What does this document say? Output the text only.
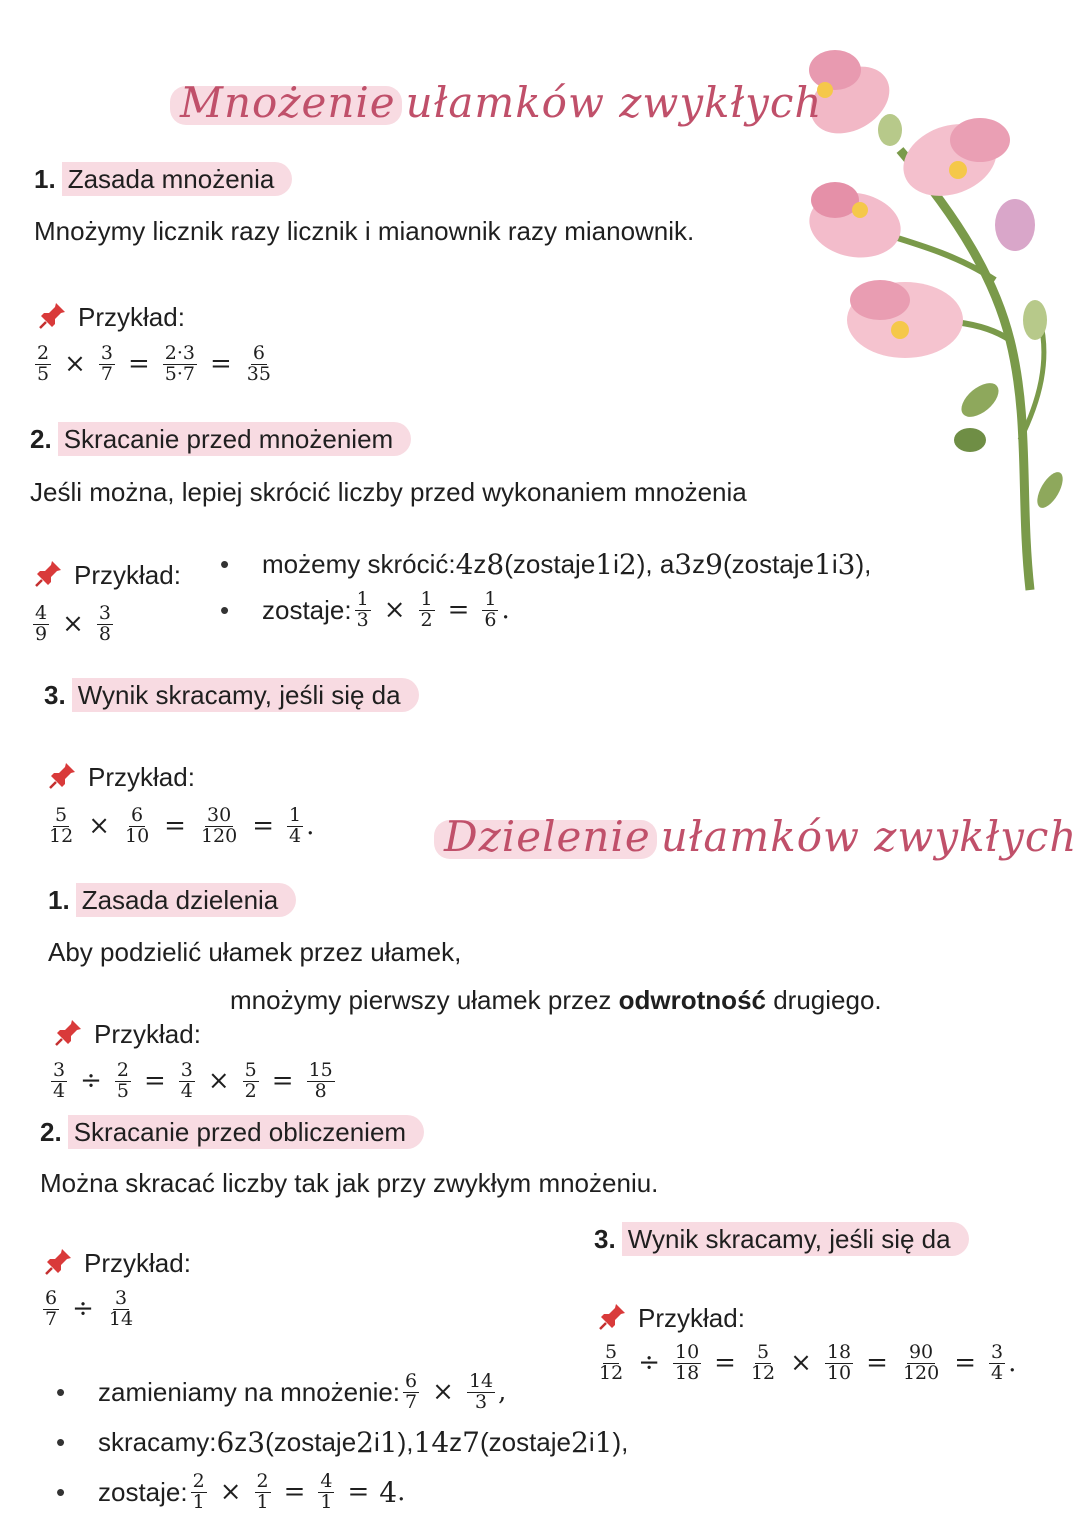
Mnożenie ułamków zwykłych
1. Zasada mnożenia
Mnożymy licznik razy licznik i mianownik razy mianownik.
Przykład:
$\frac{2}{5} \times \frac{3}{7} = \frac{2\cdot 3}{5\cdot 7} = \frac{6}{35}$
2. Skracanie przed mnożeniem
Jeśli można, lepiej skrócić liczby przed wykonaniem mnożenia
Przykład:
$\frac{4}{9} \times \frac{3}{8}$
• możemy skrócić: 4 z 8 (zostaje 1 i 2 ), a 3 z 9 (zostaje 1 i 3 ),
• zostaje: $\frac{1}{3} \times \frac{1}{2} = \frac{1}{6}$ .
3. Wynik skracamy, jeśli się da
Przykład:
$\frac{5}{12} \times \frac{6}{10} = \frac{30}{120} = \frac{1}{4}$ .	Dzielenie ułamków zwykłych
1. Zasada dzielenia
Aby podzielić ułamek przez ułamek,
mnożymy pierwszy ułamek przez odwrotność drugiego.
Przykład:
$\frac{3}{4} \div \frac{2}{5} = \frac{3}{4} \times \frac{5}{2} = \frac{15}{8}$
2. Skracanie przed obliczeniem
Można skracać liczby tak jak przy zwykłym mnożeniu.
Przykład:
$\frac{6}{7} \div \frac{3}{14}$
3. Wynik skracamy, jeśli się da
Przykład:
$\frac{5}{12} \div \frac{10}{18} = \frac{5}{12} \times \frac{18}{10} = \frac{90}{120} = \frac{3}{4}$ .
• zamieniamy na mnożenie: $\frac{6}{7} \times \frac{14}{3}$ ,
• skracamy: 6 z 3 (zostaje 2 i 1 ), 14 z 7 (zostaje 2 i 1 ),
• zostaje: $\frac{2}{1} \times \frac{2}{1} = \frac{4}{1} = 4$ .
